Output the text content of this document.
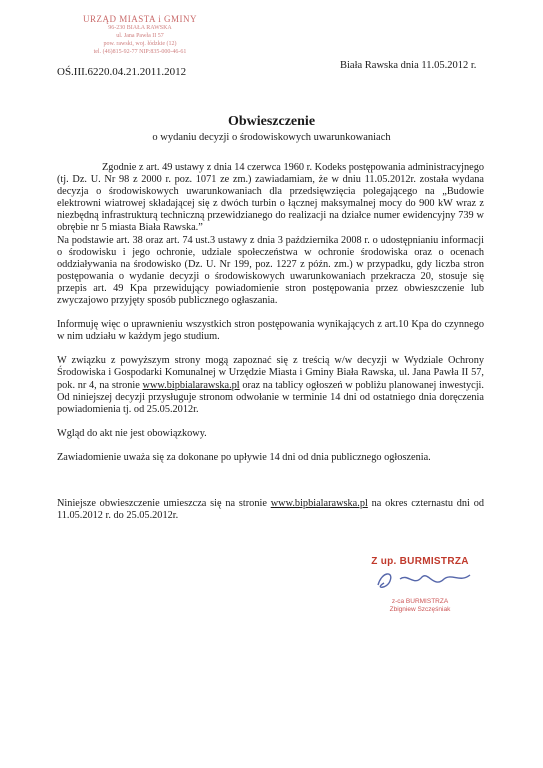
URZĄD MIASTA i GMINY
96-230 BIAŁA RAWSKA
ul. Jana Pawła II 57
pow. rawski, woj. łódzkie (12)
tel. (46)815-92-77 NIP:835-000-46-61
OŚ.III.6220.04.21.2011.2012
Biała Rawska dnia 11.05.2012 r.
Obwieszczenie
o wydaniu decyzji o środowiskowych uwarunkowaniach

Zgodnie z art. 49 ustawy z dnia 14 czerwca 1960 r. Kodeks postępowania administracyjnego (tj. Dz. U. Nr 98 z 2000 r. poz. 1071 ze zm.) zawiadamiam, że w dniu 11.05.2012r. została wydana decyzja o środowiskowych uwarunkowaniach dla przedsięwzięcia polegającego na „Budowie elektrowni wiatrowej składającej się z dwóch turbin o łącznej maksymalnej mocy do 900 kW wraz z niezbędną infrastrukturą techniczną przewidzianego do realizacji na działce numer ewidencyjny 739 w obrębie nr 5 miasta Biała Rawska.”

Na podstawie art. 38 oraz art. 74 ust.3 ustawy z dnia 3 października 2008 r. o udostępnianiu informacji o środowisku i jego ochronie, udziale społeczeństwa w ochronie środowiska oraz o ocenach oddziaływania na środowisko (Dz. U. Nr 199, poz. 1227 z późn. zm.) w przypadku, gdy liczba stron postępowania o wydanie decyzji o środowiskowych uwarunkowaniach przekracza 20, stosuje się przepis art. 49 Kpa przewidujący powiadomienie stron postępowania przez obwieszczenie lub zwyczajowo przyjęty sposób publicznego ogłaszania.

Informuję więc o uprawnieniu wszystkich stron postępowania wynikających z art.10 Kpa do czynnego w nim udziału w każdym jego studium.

W związku z powyższym strony mogą zapoznać się z treścią w/w decyzji w Wydziale Ochrony Środowiska i Gospodarki Komunalnej w Urzędzie Miasta i Gminy Biała Rawska, ul. Jana Pawła II 57, pok. nr 4, na stronie www.bipbialarawska.pl oraz na tablicy ogłoszeń w pobliżu planowanej inwestycji. Od niniejszej decyzji przysługuje stronom odwołanie w terminie 14 dni od ostatniego dnia doręczenia powiadomienia tj. od 25.05.2012r.

Wgląd do akt nie jest obowiązkowy.

Zawiadomienie uważa się za dokonane po upływie 14 dni od dnia publicznego ogłoszenia.

Niniejsze obwieszczenie umieszcza się na stronie www.bipbialarawska.pl na okres czternastu dni od 11.05.2012 r. do 25.05.2012r.

Z up. BURMISTRZA
z-ca BURMISTRZA
Zbigniew Szczęśniak
